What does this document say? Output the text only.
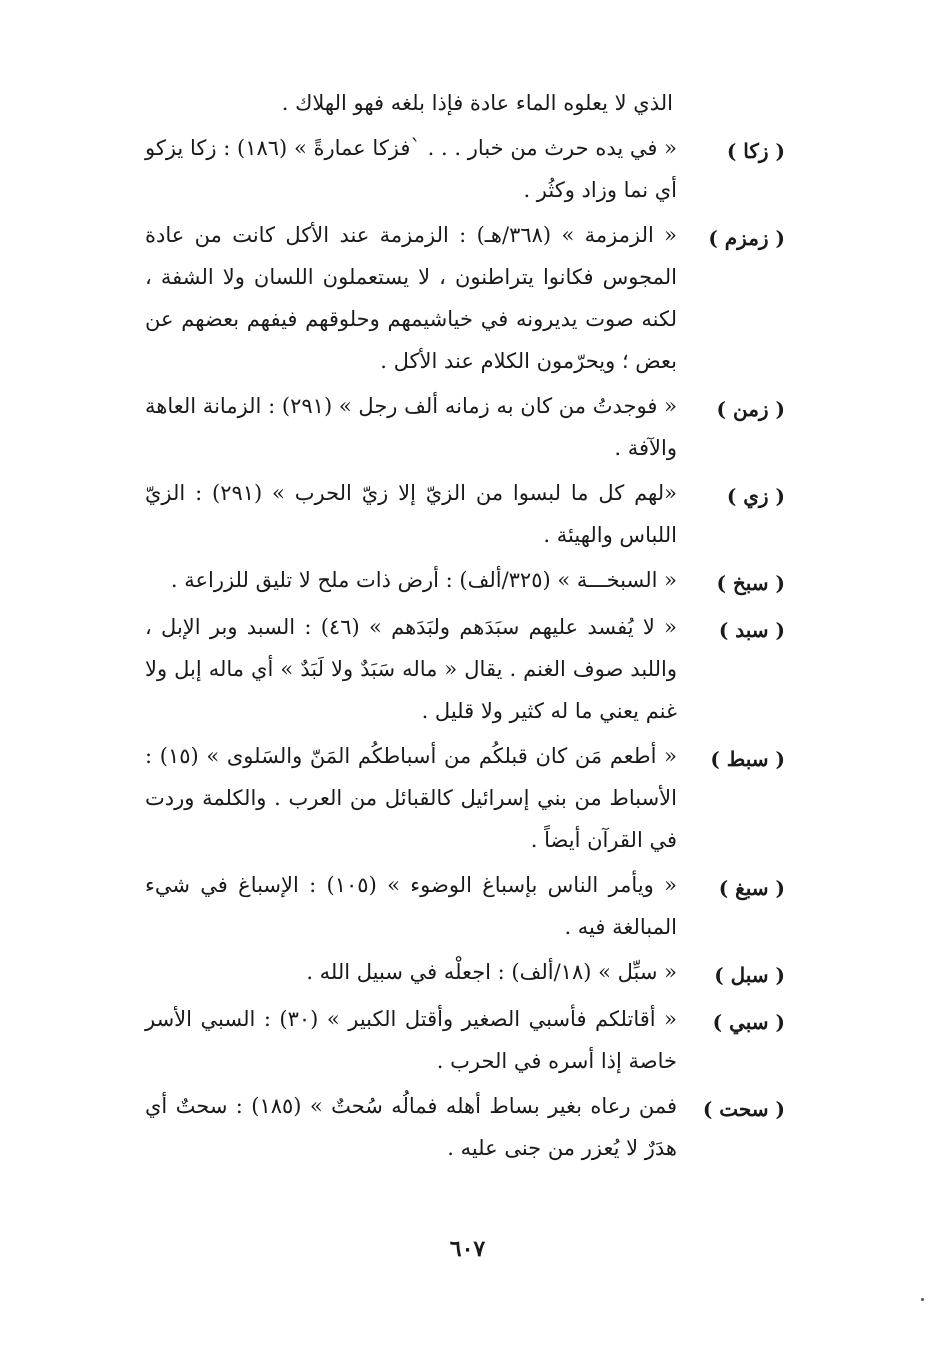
الذي لا يعلوه الماء عادة فإذا بلغه فهو الهلاك .
( زكا )
« في يده حرث من خبار . . . `فزكا عمارةً » (١٨٦) : زكا يزكو أي نما وزاد وكثُر .
( زمزم )
« الزمزمة » (٣٦٨/هـ) : الزمزمة عند الأكل كانت من عادة المجوس فكانوا يتراطنون ، لا يستعملون اللسان ولا الشفة ، لكنه صوت يديرونه في خياشيمهم وحلوقهم فيفهم بعضهم عن بعض ؛ ويحرّمون الكلام عند الأكل .
( زمن )
« فوجدتُ من كان به زمانه ألف رجل » (٢٩١) : الزمانة العاهة والآفة .
( زي )
«لهم كل ما لبسوا من الزيّ إلا زيّ الحرب » (٢٩١) : الزيّ اللباس والهيئة .
( سبخ )
« السبخـــة » (٣٢٥/ألف) : أرض ذات ملح لا تليق للزراعة .
( سبد )
« لا يُفسد عليهم سبَدَهم ولبَدَهم » (٤٦) : السبد وبر الإبل ، واللبد صوف الغنم . يقال « ماله سَبَدٌ ولا لَبَدٌ » أي ماله إبل ولا غنم يعني ما له كثير ولا قليل .
( سبط )
« أطعم مَن كان قبلكُم من أسباطكُم المَنّ والسَلوى » (١٥) : الأسباط من بني إسرائيل كالقبائل من العرب . والكلمة وردت في القرآن أيضاً .
( سبغ )
« ويأمر الناس بإسباغ الوضوء » (١٠٥) : الإسباغ في شيء المبالغة فيه .
( سبل )
« سبِّل » (١٨/ألف) : اجعلْه في سبيل الله .
( سبي )
« أقاتلكم فأسبي الصغير وأقتل الكبير » (٣٠) : السبي الأسر خاصة إذا أسره في الحرب .
( سحت )
فمن رعاه بغير بساط أهله فمالُه سُحتٌ » (١٨٥) : سحتٌ أي هدَرٌ لا يُعزر من جنى عليه .
٦٠٧
